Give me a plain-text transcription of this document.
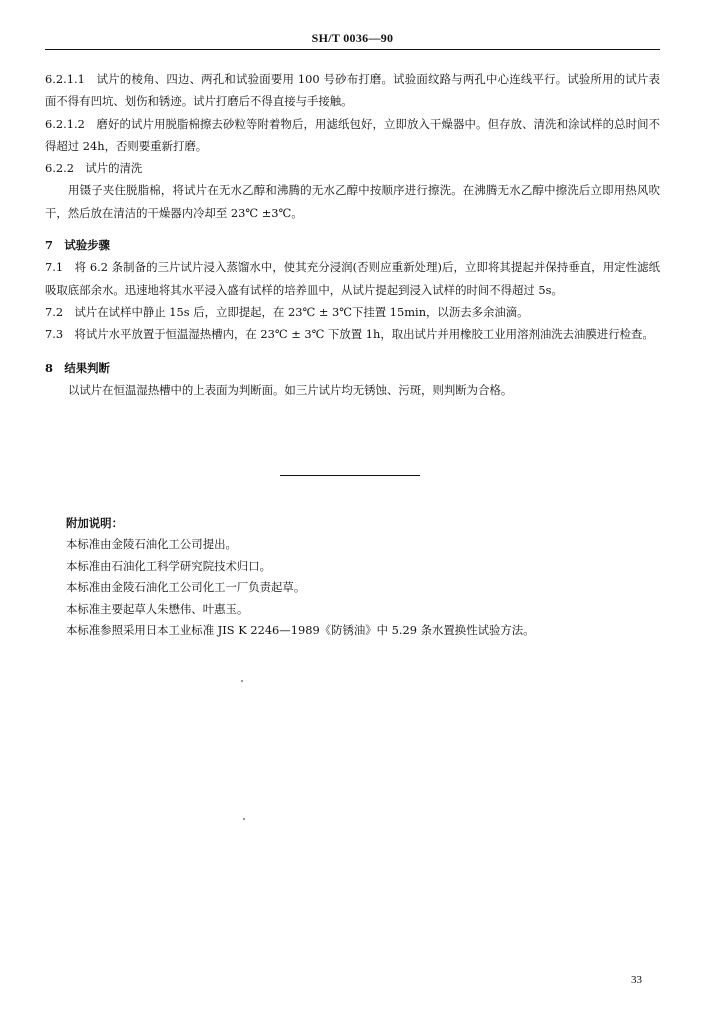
SH/T 0036—90

6.2.1.1　试片的棱角、四边、两孔和试验面要用 100 号砂布打磨。试验面纹路与两孔中心连线平行。试验所用的试片表面不得有凹坑、划伤和锈迹。试片打磨后不得直接与手接触。

6.2.1.2　磨好的试片用脱脂棉擦去砂粒等附着物后，用滤纸包好，立即放入干燥器中。但存放、清洗和涂试样的总时间不得超过 24h，否则要重新打磨。

6.2.2　试片的清洗

用镊子夹住脱脂棉，将试片在无水乙醇和沸腾的无水乙醇中按顺序进行擦洗。在沸腾无水乙醇中擦洗后立即用热风吹干，然后放在清洁的干燥器内冷却至 23℃ ±3℃。

7　试验步骤

7.1　将 6.2 条制备的三片试片浸入蒸馏水中，使其充分浸润(否则应重新处理)后，立即将其提起并保持垂直，用定性滤纸吸取底部余水。迅速地将其水平浸入盛有试样的培养皿中，从试片提起到浸入试样的时间不得超过 5s。

7.2　试片在试样中静止 15s 后，立即提起，在 23℃ ± 3℃下挂置 15min，以沥去多余油滴。

7.3　将试片水平放置于恒温湿热槽内，在 23℃ ± 3℃ 下放置 1h，取出试片并用橡胶工业用溶剂油洗去油膜进行检查。

8　结果判断

以试片在恒温湿热槽中的上表面为判断面。如三片试片均无锈蚀、污斑，则判断为合格。

附加说明：

本标准由金陵石油化工公司提出。

本标准由石油化工科学研究院技术归口。

本标准由金陵石油化工公司化工一厂负责起草。

本标准主要起草人朱懋伟、叶惠玉。

本标准参照采用日本工业标准 JIS K 2246—1989《防锈油》中 5.29 条水置换性试验方法。

33
